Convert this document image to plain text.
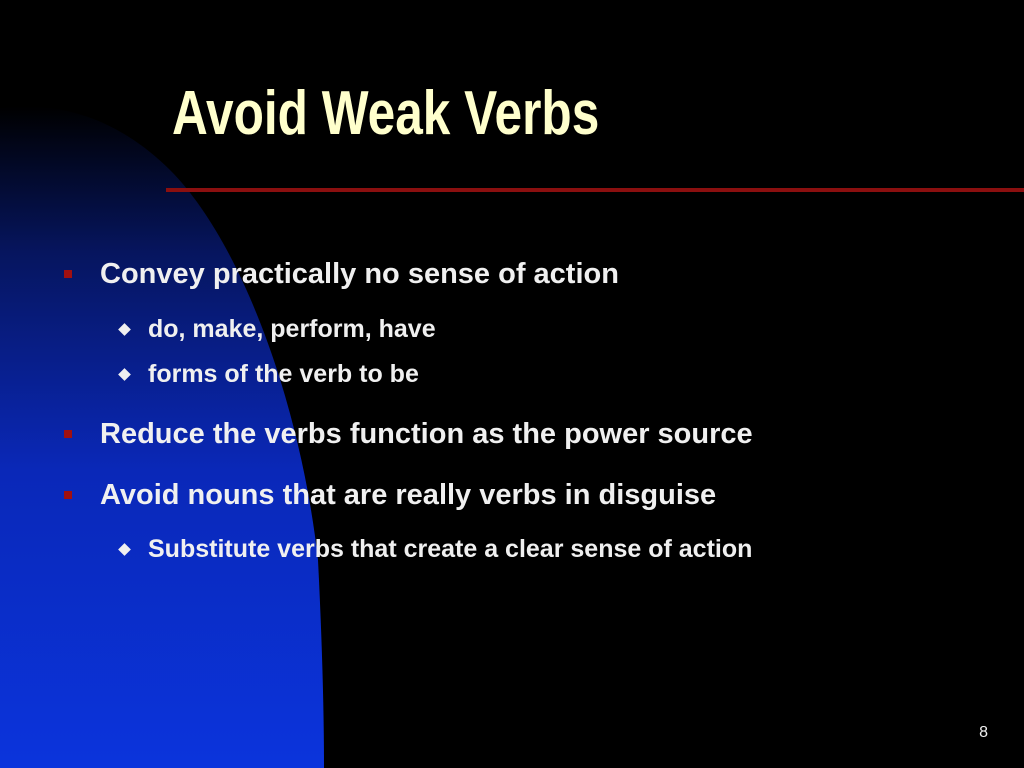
Avoid Weak Verbs
Convey practically no sense of action
do, make, perform, have
forms of the verb to be
Reduce the verbs function as the power source
Avoid nouns that are really verbs in disguise
Substitute verbs that create a clear sense of action
8
